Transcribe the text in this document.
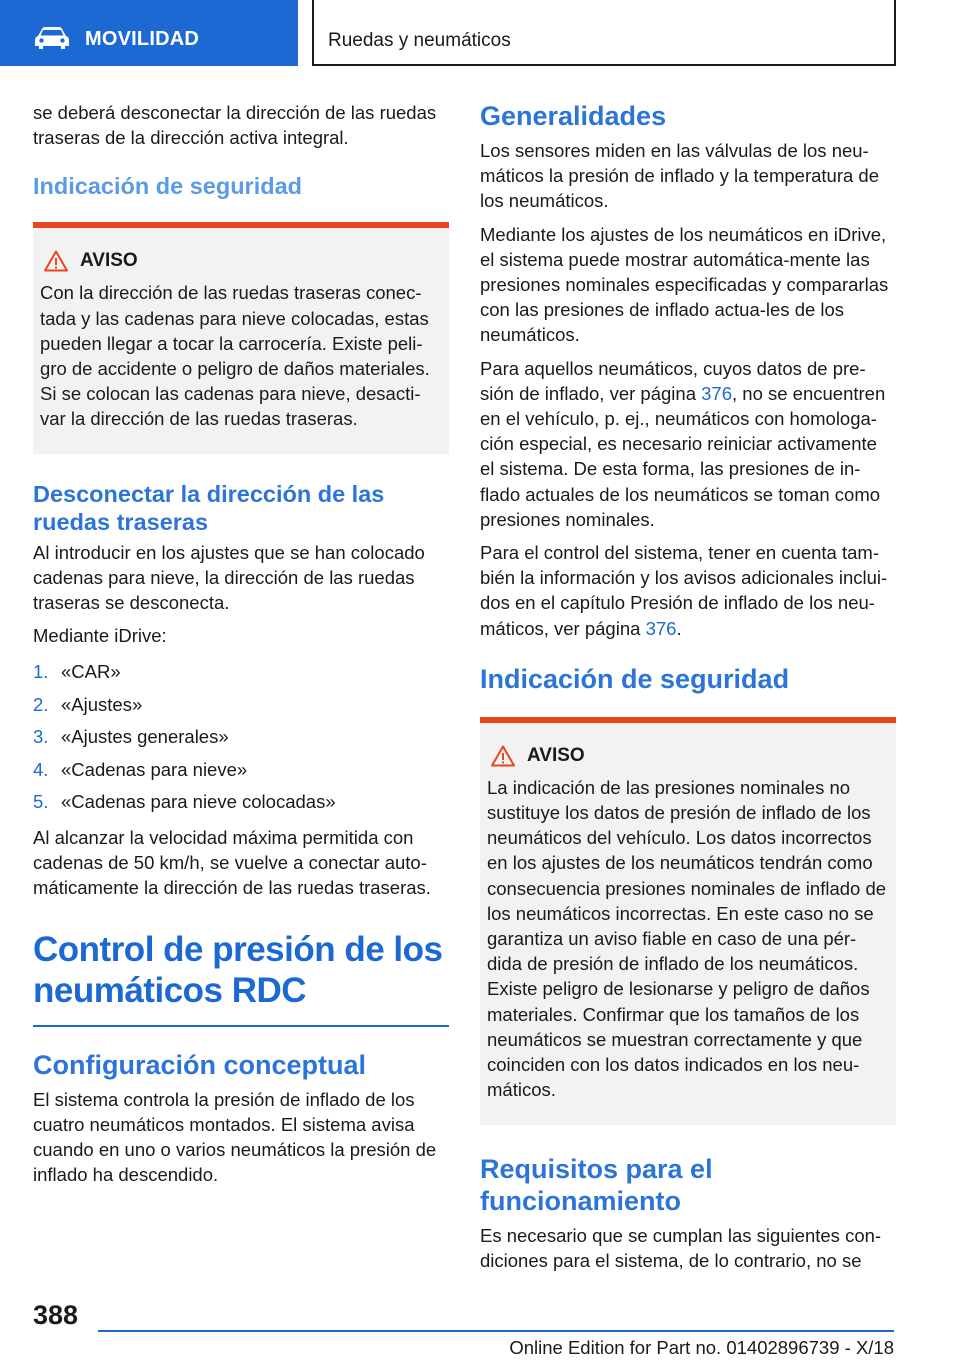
MOVILIDAD	Ruedas y neumáticos

se deberá desconectar la dirección de las ruedas traseras de la dirección activa integral.

Indicación de seguridad
AVISO

Con la dirección de las ruedas traseras conec-tada y las cadenas para nieve colocadas, estas pueden llegar a tocar la carrocería. Existe peli-gro de accidente o peligro de daños materiales. Si se colocan las cadenas para nieve, desacti-var la dirección de las ruedas traseras.

Desconectar la dirección de las ruedas traseras

Al introducir en los ajustes que se han colocado cadenas para nieve, la dirección de las ruedas traseras se desconecta.

Mediante iDrive:

1. «CAR»
2. «Ajustes»
3. «Ajustes generales»
4. «Cadenas para nieve»
5. «Cadenas para nieve colocadas»

Al alcanzar la velocidad máxima permitida con cadenas de 50 km/h, se vuelve a conectar auto-máticamente la dirección de las ruedas traseras.

Control de presión de los neumáticos RDC
Configuración conceptual

El sistema controla la presión de inflado de los cuatro neumáticos montados. El sistema avisa cuando en uno o varios neumáticos la presión de inflado ha descendido.

Generalidades

Los sensores miden en las válvulas de los neu-máticos la presión de inflado y la temperatura de los neumáticos.

Mediante los ajustes de los neumáticos en iDrive, el sistema puede mostrar automática-mente las presiones nominales especificadas y compararlas con las presiones de inflado actua-les de los neumáticos.

Para aquellos neumáticos, cuyos datos de pre-sión de inflado, ver página 376, no se encuentren en el vehículo, p. ej., neumáticos con homologa-ción especial, es necesario reiniciar activamente el sistema. De esta forma, las presiones de in-flado actuales de los neumáticos se toman como presiones nominales.

Para el control del sistema, tener en cuenta tam-bién la información y los avisos adicionales inclui-dos en el capítulo Presión de inflado de los neu-máticos, ver página 376.

Indicación de seguridad
AVISO

La indicación de las presiones nominales no sustituye los datos de presión de inflado de los neumáticos del vehículo. Los datos incorrectos en los ajustes de los neumáticos tendrán como consecuencia presiones nominales de inflado de los neumáticos incorrectas. En este caso no se garantiza un aviso fiable en caso de una pér-dida de presión de inflado de los neumáticos. Existe peligro de lesionarse y peligro de daños materiales. Confirmar que los tamaños de los neumáticos se muestran correctamente y que coinciden con los datos indicados en los neu-máticos.

Requisitos para el funcionamiento

Es necesario que se cumplan las siguientes con-diciones para el sistema, de lo contrario, no se

388
Online Edition for Part no. 01402896739 - X/18
